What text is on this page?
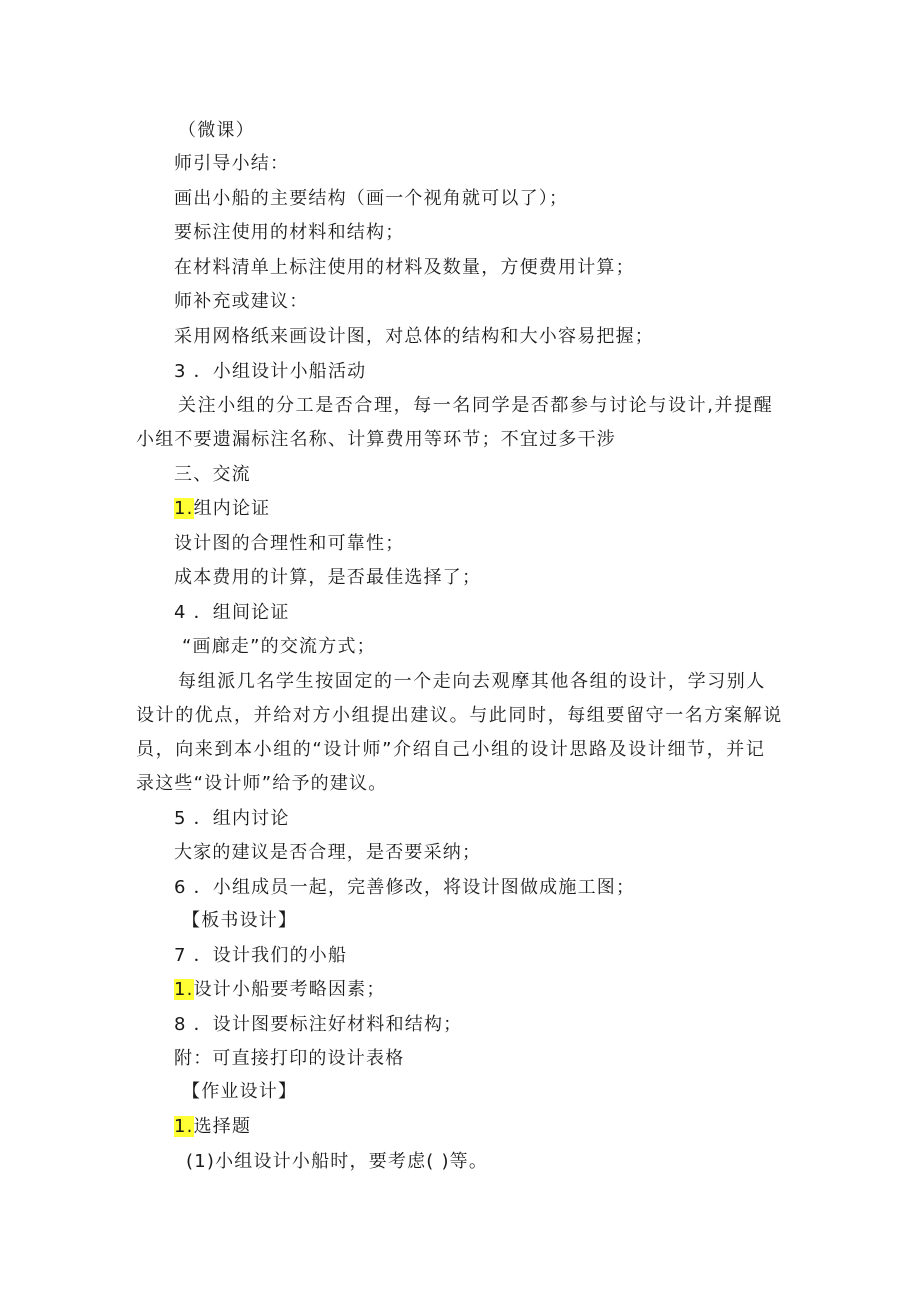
（微课）
师引导小结：
画出小船的主要结构（画一个视角就可以了）；
要标注使用的材料和结构；
在材料清单上标注使用的材料及数量，方便费用计算；
师补充或建议：
采用网格纸来画设计图，对总体的结构和大小容易把握；
3 ．小组设计小船活动
关注小组的分工是否合理，每一名同学是否都参与讨论与设计,并提醒
小组不要遗漏标注名称、计算费用等环节；不宜过多干涉
三、交流
1.组内论证
设计图的合理性和可靠性；
成本费用的计算，是否最佳选择了；
4 ．组间论证
“画廊走”的交流方式；
每组派几名学生按固定的一个走向去观摩其他各组的设计，学习别人
设计的优点，并给对方小组提出建议。与此同时，每组要留守一名方案解说
员，向来到本小组的“设计师”介绍自己小组的设计思路及设计细节，并记
录这些“设计师”给予的建议。
5 ．组内讨论
大家的建议是否合理，是否要采纳；
6 ．小组成员一起，完善修改，将设计图做成施工图；
【板书设计】
7 ．设计我们的小船
1.设计小船要考略因素；
8 ．设计图要标注好材料和结构；
附：可直接打印的设计表格
【作业设计】
1.选择题
(1)小组设计小船时，要考虑( )等。
